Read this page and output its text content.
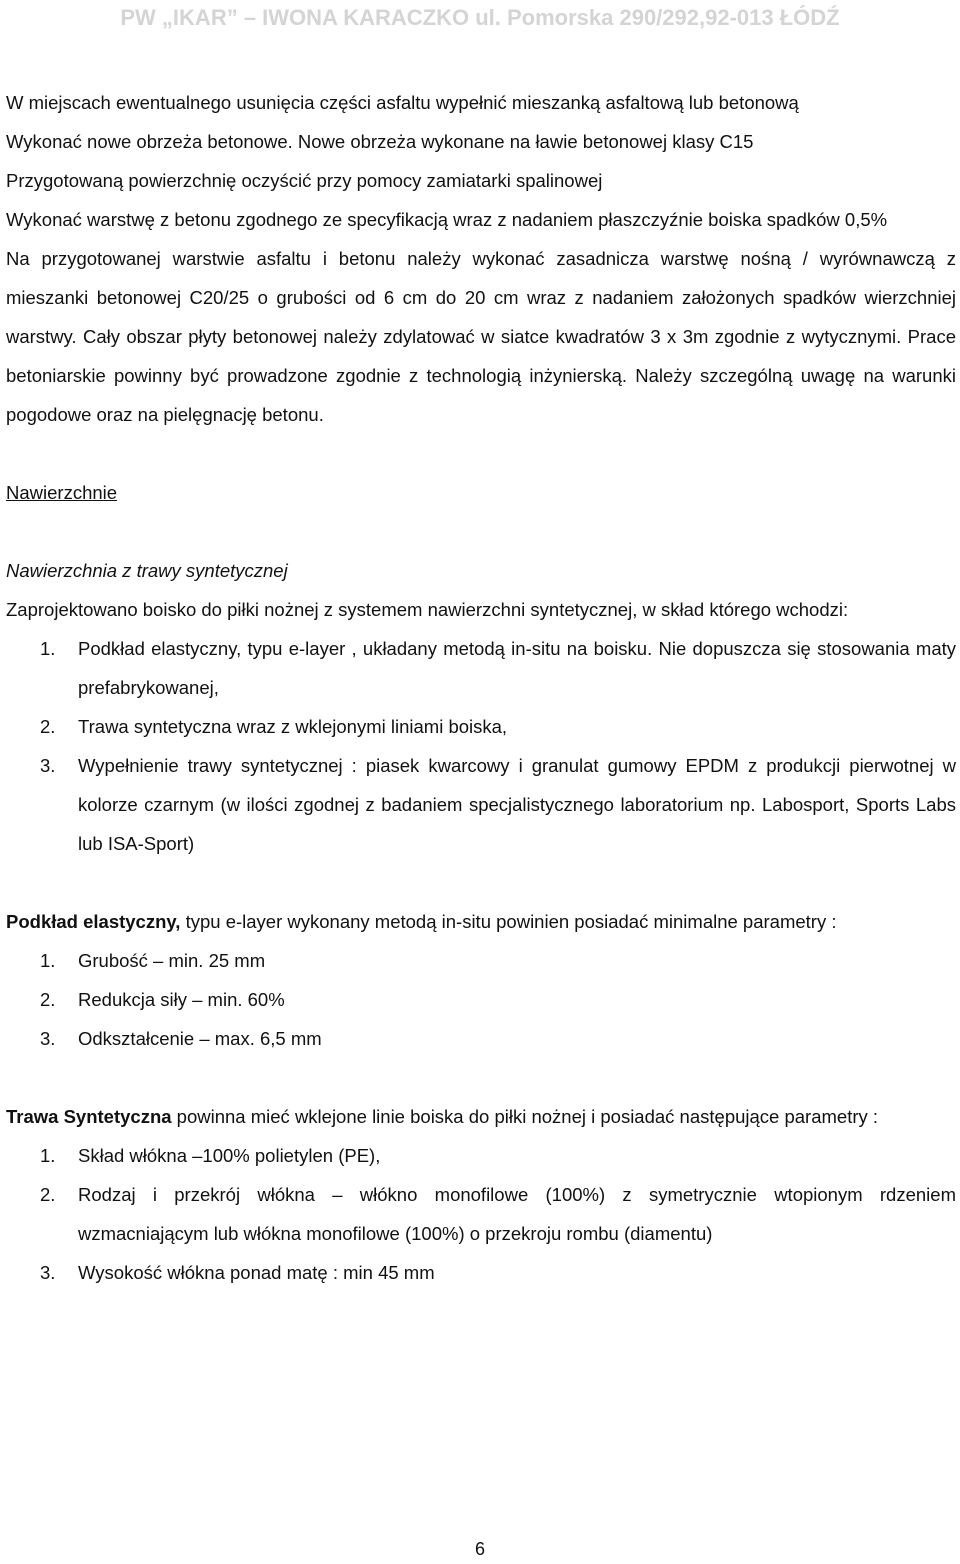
PW „IKAR” – IWONA KARACZKO ul. Pomorska 290/292,92-013 ŁÓDŹ

W miejscach ewentualnego usunięcia części asfaltu wypełnić mieszanką asfaltową lub betonową

Wykonać nowe obrzeża betonowe. Nowe obrzeża wykonane na ławie betonowej klasy C15

Przygotowaną powierzchnię oczyścić przy pomocy zamiatarki spalinowej

Wykonać warstwę z betonu zgodnego ze specyfikacją wraz z nadaniem płaszczyźnie boiska spadków 0,5%

Na przygotowanej warstwie asfaltu i betonu należy wykonać zasadnicza warstwę nośną / wyrównawczą z mieszanki betonowej C20/25 o grubości od 6 cm do 20 cm wraz z nadaniem założonych spadków wierzchniej warstwy. Cały obszar płyty betonowej należy zdylatować w siatce kwadratów 3 x 3m zgodnie z wytycznymi. Prace betoniarskie powinny być prowadzone zgodnie z technologią inżynierską. Należy szczególną uwagę na warunki pogodowe oraz na pielęgnację betonu.

Nawierzchnie

Nawierzchnia z trawy syntetycznej

Zaprojektowano boisko do piłki nożnej z systemem nawierzchni syntetycznej, w skład którego wchodzi:

1. Podkład elastyczny, typu e-layer , układany metodą in-situ na boisku. Nie dopuszcza się stosowania maty prefabrykowanej,
2. Trawa syntetyczna wraz z wklejonymi liniami boiska,
3. Wypełnienie trawy syntetycznej : piasek kwarcowy i granulat gumowy EPDM z produkcji pierwotnej w kolorze czarnym (w ilości zgodnej z badaniem specjalistycznego laboratorium np. Labosport, Sports Labs lub ISA-Sport)

Podkład elastyczny, typu e-layer wykonany metodą in-situ powinien posiadać minimalne parametry :

1. Grubość – min. 25 mm
2. Redukcja siły – min. 60%
3. Odkształcenie – max. 6,5 mm

Trawa Syntetyczna powinna mieć wklejone linie boiska do piłki nożnej i posiadać następujące parametry :

1. Skład włókna –100% polietylen (PE),
2. Rodzaj i przekrój włókna – włókno monofilowe (100%) z symetrycznie wtopionym rdzeniem wzmacniającym lub włókna monofilowe (100%) o przekroju rombu (diamentu)
3. Wysokość włókna ponad matę : min 45 mm
6
